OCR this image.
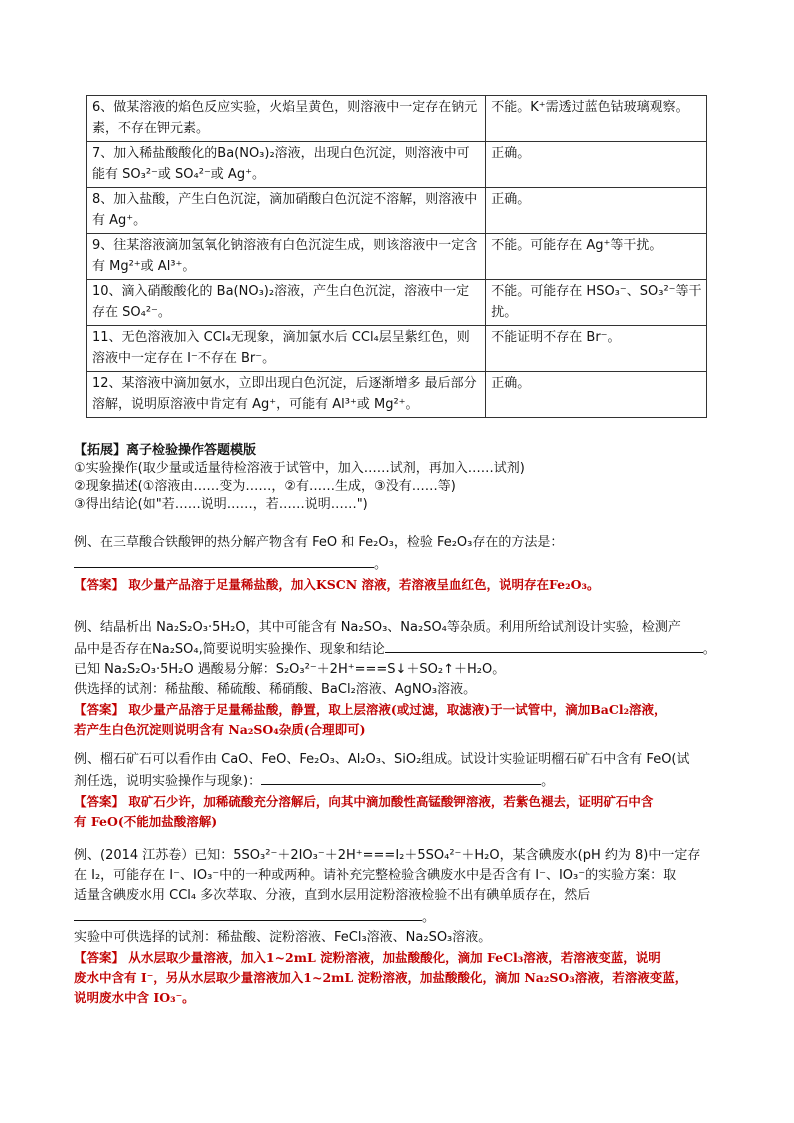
6、做某溶液的焰色反应实验，火焰呈黄色，则溶液中一定存在钠元素，不存在钾元素。	不能。K⁺需透过蓝色钴玻璃观察。

7、加入稀盐酸酸化的Ba(NO₃)₂溶液，出现白色沉淀，则溶液中可能有 SO₃²⁻或 SO₄²⁻或 Ag⁺。	正确。

8、加入盐酸，产生白色沉淀，滴加硝酸白色沉淀不溶解，则溶液中有 Ag⁺。	正确。

9、往某溶液滴加氢氧化钠溶液有白色沉淀生成，则该溶液中一定含有 Mg²⁺或 Al³⁺。	不能。可能存在 Ag⁺等干扰。

10、滴入硝酸酸化的 Ba(NO₃)₂溶液，产生白色沉淀，溶液中一定存在 SO₄²⁻。	不能。可能存在 HSO₃⁻、SO₃²⁻等干扰。

11、无色溶液加入 CCl₄无现象，滴加氯水后 CCl₄层呈紫红色，则溶液中一定存在 I⁻不存在 Br⁻。	不能证明不存在 Br⁻。

12、某溶液中滴加氨水，立即出现白色沉淀，后逐渐增多 最后部分溶解，说明原溶液中肯定有 Ag⁺，可能有 Al³⁺或 Mg²⁺。	正确。
【拓展】离子检验操作答题模版
①实验操作(取少量或适量待检溶液于试管中，加入……试剂，再加入……试剂)
②现象描述(①溶液由……变为……，②有……生成，③没有……等)
③得出结论(如"若……说明……，若……说明……")
例、在三草酸合铁酸钾的热分解产物含有 FeO 和 Fe₂O₃，检验 Fe₂O₃存在的方法是：
。
【答案】 取少量产品溶于足量稀盐酸，加入KSCN 溶液，若溶液呈血红色，说明存在Fe₂O₃。
例、结晶析出 Na₂S₂O₃·5H₂O，其中可能含有 Na₂SO₃、Na₂SO₄等杂质。利用所给试剂设计实验，检测产
品中是否存在Na₂SO₄,简要说明实验操作、现象和结论	。
已知 Na₂S₂O₃·5H₂O 遇酸易分解：S₂O₃²⁻＋2H⁺===S↓＋SO₂↑＋H₂O。
供选择的试剂：稀盐酸、稀硫酸、稀硝酸、BaCl₂溶液、AgNO₃溶液。
【答案】 取少量产品溶于足量稀盐酸，静置，取上层溶液(或过滤，取滤液)于一试管中，滴加BaCl₂溶液，
若产生白色沉淀则说明含有 Na₂SO₄杂质(合理即可)
例、榴石矿石可以看作由 CaO、FeO、Fe₂O₃、Al₂O₃、SiO₂组成。试设计实验证明榴石矿石中含有 FeO(试
剂任选，说明实验操作与现象)：	。
【答案】 取矿石少许，加稀硫酸充分溶解后，向其中滴加酸性高锰酸钾溶液，若紫色褪去，证明矿石中含
有 FeO(不能加盐酸溶解)
例、(2014 江苏卷）已知：5SO₃²⁻＋2IO₃⁻＋2H⁺===I₂＋5SO₄²⁻＋H₂O，某含碘废水(pH 约为 8)中一定存
在 I₂，可能存在 I⁻、IO₃⁻中的一种或两种。请补充完整检验含碘废水中是否含有 I⁻、IO₃⁻的实验方案：取
适量含碘废水用 CCl₄ 多次萃取、分液，直到水层用淀粉溶液检验不出有碘单质存在，然后
。
实验中可供选择的试剂：稀盐酸、淀粉溶液、FeCl₃溶液、Na₂SO₃溶液。
【答案】 从水层取少量溶液，加入1~2mL 淀粉溶液，加盐酸酸化，滴加 FeCl₃溶液，若溶液变蓝，说明
废水中含有 I⁻，另从水层取少量溶液加入1~2mL 淀粉溶液，加盐酸酸化，滴加 Na₂SO₃溶液，若溶液变蓝，
说明废水中含 IO₃⁻。
